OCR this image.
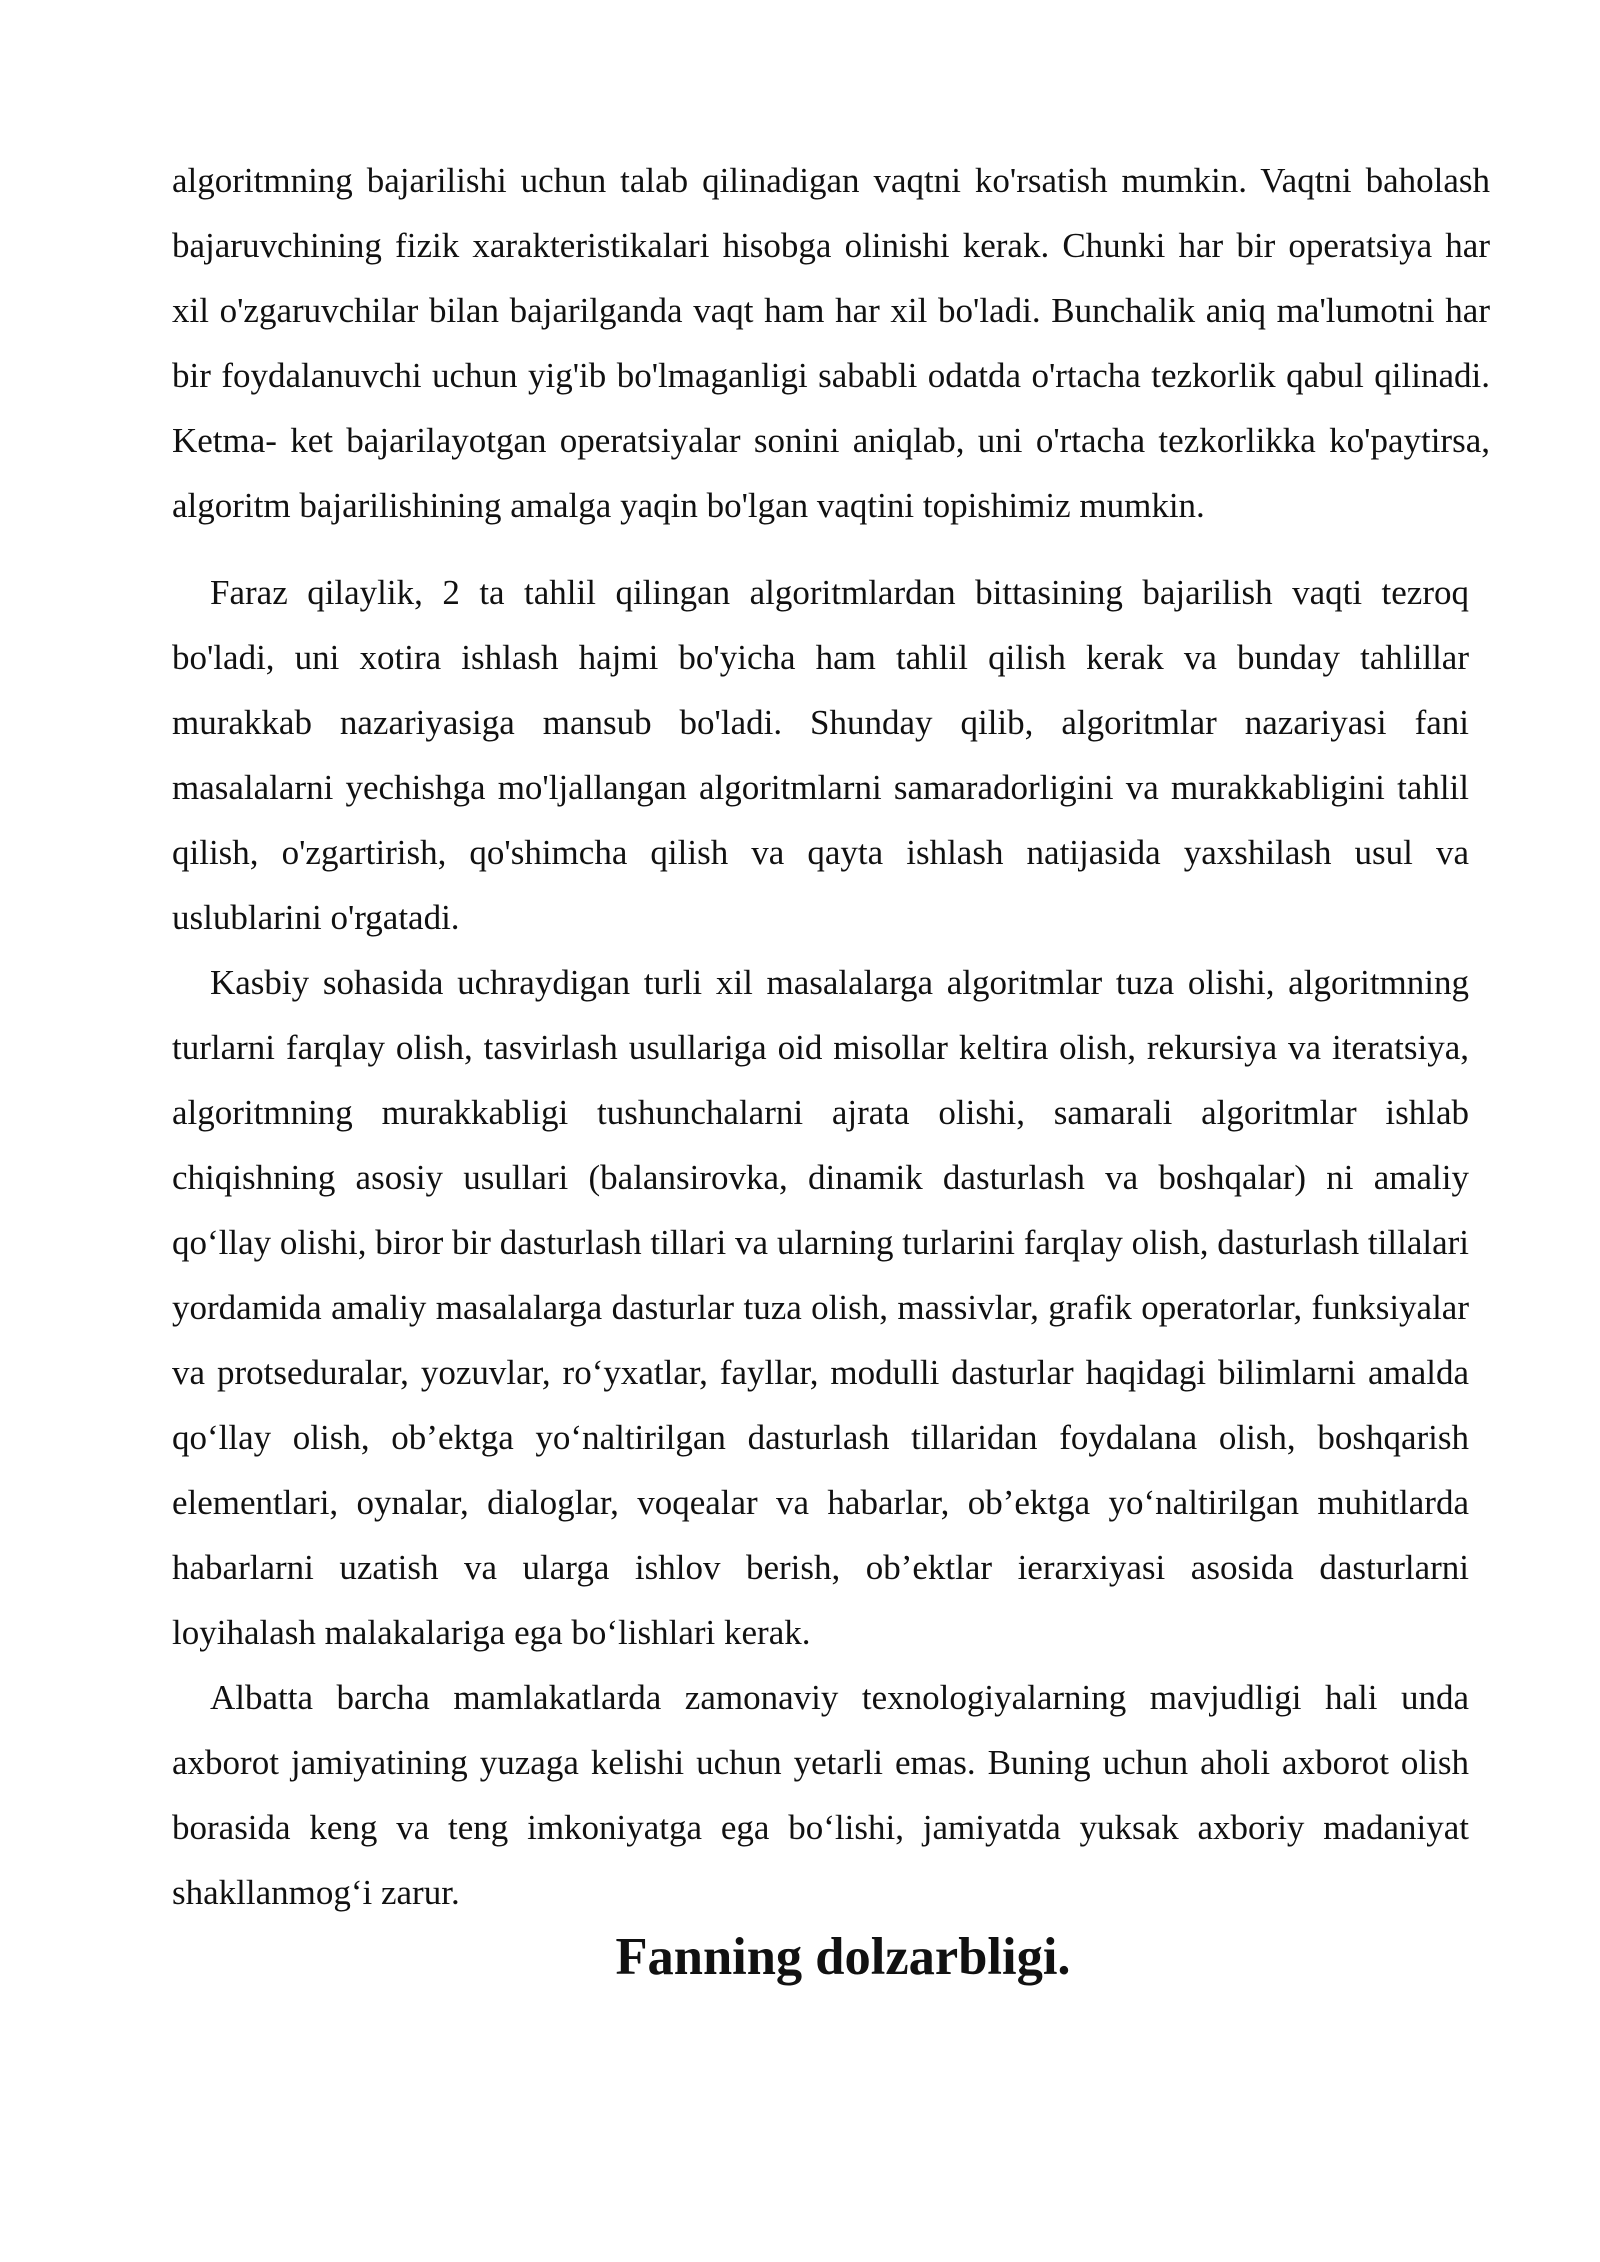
algoritmning bajarilishi uchun talab qilinadigan vaqtni ko'rsatish mumkin. Vaqtni baholash bajaruvchining fizik xarakteristikalari hisobga olinishi kerak. Chunki har bir operatsiya har xil o'zgaruvchilar bilan bajarilganda vaqt ham har xil bo'ladi. Bunchalik aniq ma'lumotni har bir foydalanuvchi uchun yig'ib bo'lmaganligi sababli odatda o'rtacha tezkorlik qabul qilinadi. Ketma- ket bajarilayotgan operatsiyalar sonini aniqlab, uni o'rtacha tezkorlikka ko'paytirsa, algoritm bajarilishining amalga yaqin bo'lgan vaqtini topishimiz mumkin.

Faraz qilaylik, 2 ta tahlil qilingan algoritmlardan bittasining bajarilish vaqti tezroq bo'ladi, uni xotira ishlash hajmi bo'yicha ham tahlil qilish kerak va bunday tahlillar murakkab nazariyasiga mansub bo'ladi. Shunday qilib, algoritmlar nazariyasi fani masalalarni yechishga mo'ljallangan algoritmlarni samaradorligini va murakkabligini tahlil qilish, o'zgartirish, qo'shimcha qilish va qayta ishlash natijasida yaxshilash usul va uslublarini o'rgatadi.

Kasbiy sohasida uchraydigan turli xil masalalarga algoritmlar tuza olishi, algoritmning turlarni farqlay olish, tasvirlash usullariga oid misollar keltira olish, rekursiya va iteratsiya, algoritmning murakkabligi tushunchalarni ajrata olishi, samarali algoritmlar ishlab chiqishning asosiy usullari (balansirovka, dinamik dasturlash va boshqalar) ni amaliy qo‘llay olishi, biror bir dasturlash tillari va ularning turlarini farqlay olish, dasturlash tillalari yordamida amaliy masalalarga dasturlar tuza olish, massivlar, grafik operatorlar, funksiyalar va protseduralar, yozuvlar, ro‘yxatlar, fayllar, modulli dasturlar haqidagi bilimlarni amalda qo‘llay olish, ob’ektga yo‘naltirilgan dasturlash tillaridan foydalana olish, boshqarish elementlari, oynalar, dialoglar, voqealar va habarlar, ob’ektga yo‘naltirilgan muhitlarda habarlarni uzatish va ularga ishlov berish, ob’ektlar ierarxiyasi asosida dasturlarni loyihalash malakalariga ega bo‘lishlari kerak.

Albatta barcha mamlakatlarda zamonaviy texnologiyalarning mavjudligi hali unda axborot jamiyatining yuzaga kelishi uchun yetarli emas. Buning uchun aholi axborot olish borasida keng va teng imkoniyatga ega bo‘lishi, jamiyatda yuksak axboriy madaniyat shakllanmog‘i zarur.

Fanning dolzarbligi.
